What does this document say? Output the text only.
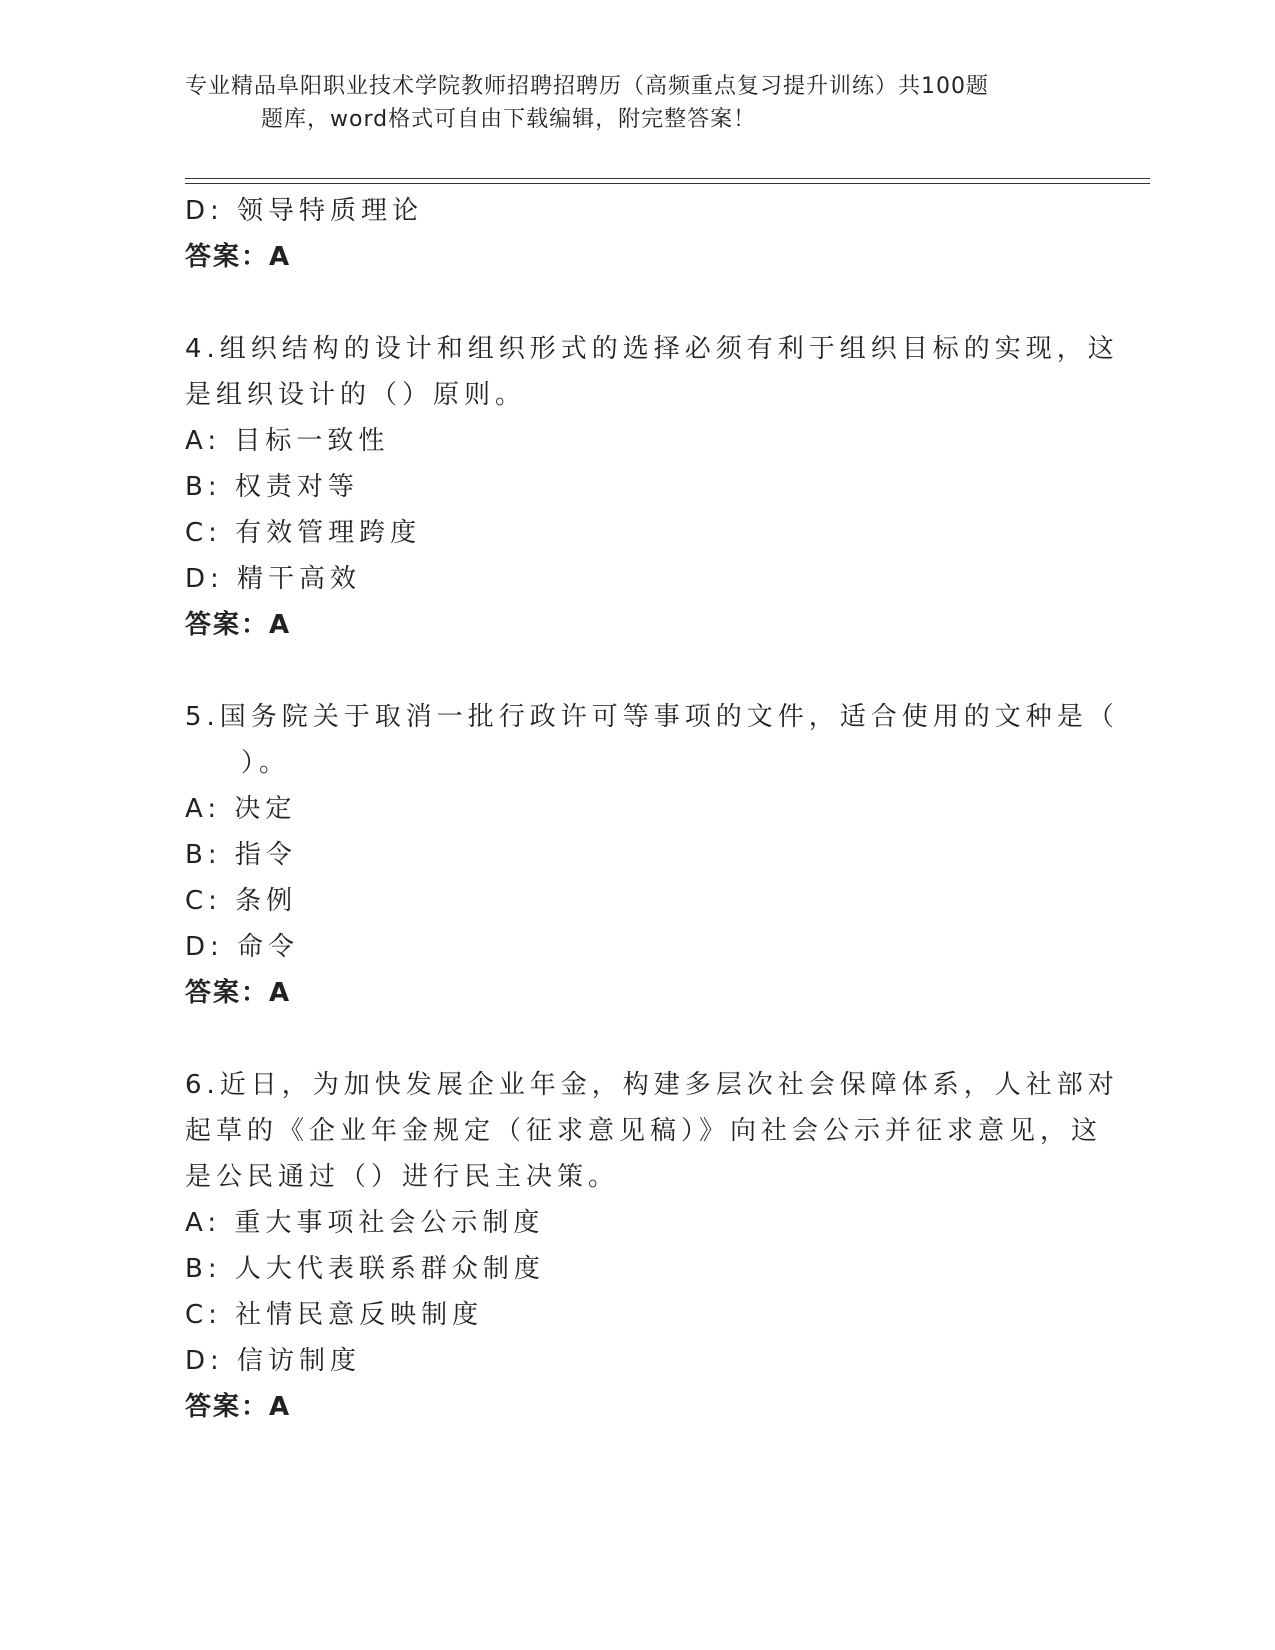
专业精品阜阳职业技术学院教师招聘招聘历（高频重点复习提升训练）共100题
题库，word格式可自由下载编辑，附完整答案！
D: 领导特质理论
答案：A
4.组织结构的设计和组织形式的选择必须有利于组织目标的实现，这
是组织设计的（）原则。
A: 目标一致性
B: 权责对等
C: 有效管理跨度
D: 精干高效
答案：A
5.国务院关于取消一批行政许可等事项的文件，适合使用的文种是（
）。
A: 决定
B: 指令
C: 条例
D: 命令
答案：A
6.近日，为加快发展企业年金，构建多层次社会保障体系，人社部对
起草的《企业年金规定（征求意见稿）》向社会公示并征求意见，这
是公民通过（）进行民主决策。
A: 重大事项社会公示制度
B: 人大代表联系群众制度
C: 社情民意反映制度
D: 信访制度
答案：A
